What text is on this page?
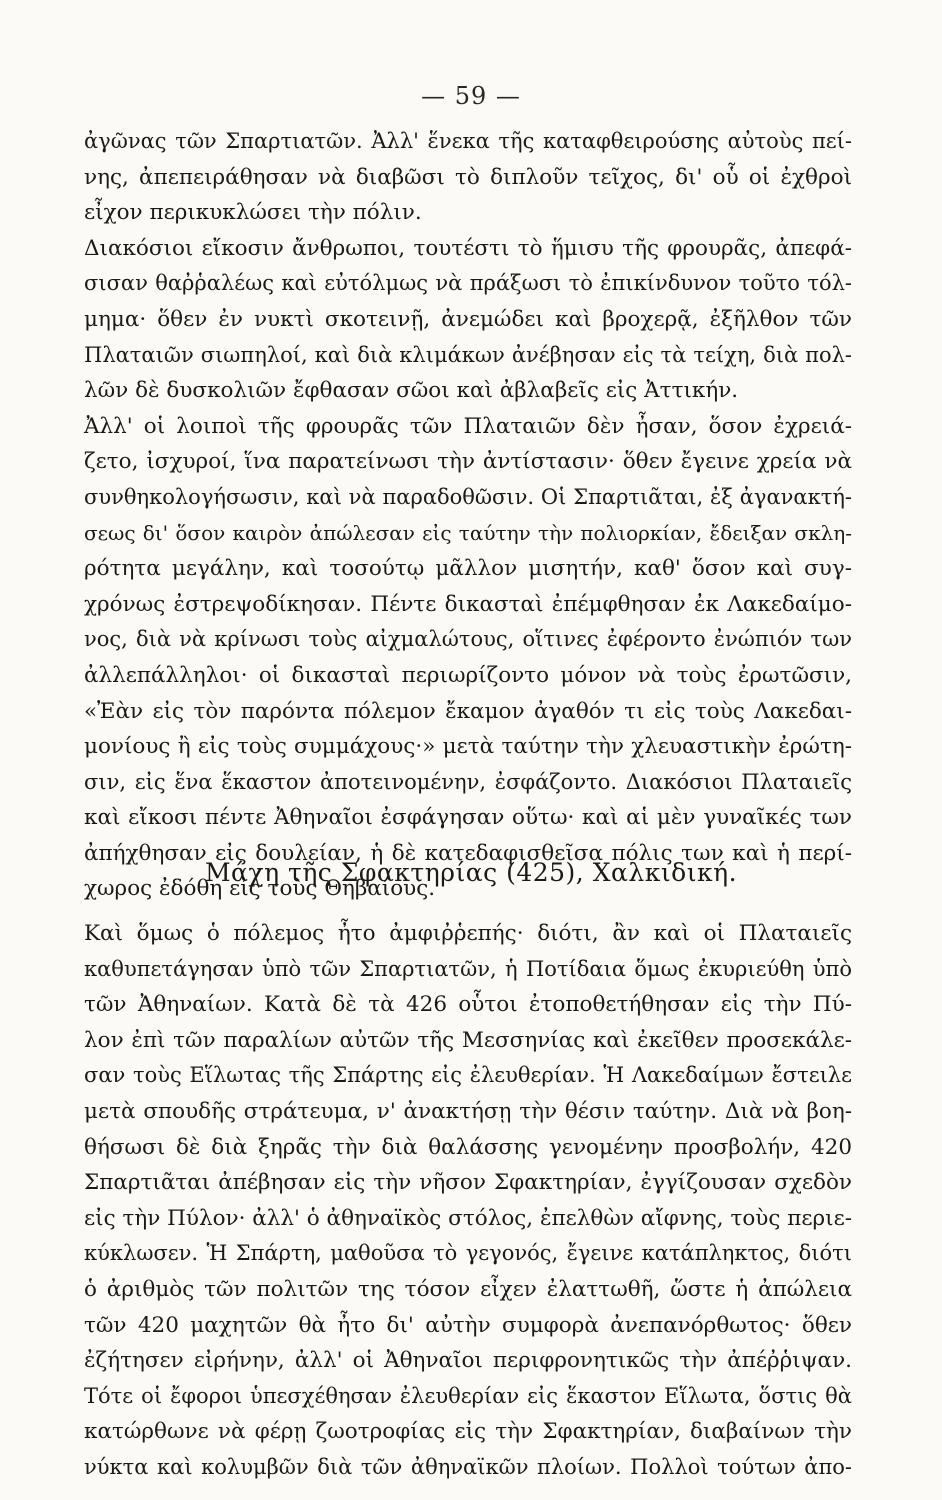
— 59 —
ἀγῶνας τῶν Σπαρτιατῶν. Ἀλλ' ἕνεκα τῆς καταφθειρούσης αὐτοὺς πεί-
νης, ἀπεπειράθησαν νὰ διαβῶσι τὸ διπλοῦν τεῖχος, δι' οὗ οἱ ἐχθροὶ
εἶχον περικυκλώσει τὴν πόλιν.
Διακόσιοι εἴκοσιν ἄνθρωποι, τουτέστι τὸ ἥμισυ τῆς φρουρᾶς, ἀπεφά-
σισαν θαῤῥαλέως καὶ εὐτόλμως νὰ πράξωσι τὸ ἐπικίνδυνον τοῦτο τόλ-
μημα· ὅθεν ἐν νυκτὶ σκοτεινῇ, ἀνεμώδει καὶ βροχερᾷ, ἐξῆλθον τῶν
Πλαταιῶν σιωπηλοί, καὶ διὰ κλιμάκων ἀνέβησαν εἰς τὰ τείχη, διὰ πολ-
λῶν δὲ δυσκολιῶν ἔφθασαν σῶοι καὶ ἀβλαβεῖς εἰς Ἀττικήν.
Ἀλλ' οἱ λοιποὶ τῆς φρουρᾶς τῶν Πλαταιῶν δὲν ἦσαν, ὅσον ἐχρειά-
ζετο, ἰσχυροί, ἵνα παρατείνωσι τὴν ἀντίστασιν· ὅθεν ἔγεινε χρεία νὰ
συνθηκολογήσωσιν, καὶ νὰ παραδοθῶσιν. Οἱ Σπαρτιᾶται, ἐξ ἀγανακτή-
σεως δι' ὅσον καιρὸν ἀπώλεσαν εἰς ταύτην τὴν πολιορκίαν, ἔδειξαν σκλη-
ρότητα μεγάλην, καὶ τοσούτῳ μᾶλλον μισητήν, καθ' ὅσον καὶ συγ-
χρόνως ἐστρεψοδίκησαν. Πέντε δικασταὶ ἐπέμφθησαν ἐκ Λακεδαίμο-
νος, διὰ νὰ κρίνωσι τοὺς αἰχμαλώτους, οἵτινες ἐφέροντο ἐνώπιόν των
ἀλλεπάλληλοι· οἱ δικασταὶ περιωρίζοντο μόνον νὰ τοὺς ἐρωτῶσιν,
«Ἐὰν εἰς τὸν παρόντα πόλεμον ἔκαμον ἀγαθόν τι εἰς τοὺς Λακεδαι-
μονίους ἢ εἰς τοὺς συμμάχους·» μετὰ ταύτην τὴν χλευαστικὴν ἐρώτη-
σιν, εἰς ἕνα ἕκαστον ἀποτεινομένην, ἐσφάζοντο. Διακόσιοι Πλαταιεῖς
καὶ εἴκοσι πέντε Ἀθηναῖοι ἐσφάγησαν οὕτω· καὶ αἱ μὲν γυναῖκές των
ἀπήχθησαν εἰς δουλείαν, ἡ δὲ κατεδαφισθεῖσα πόλις των καὶ ἡ περί-
χωρος ἐδόθη εἰς τοὺς Θηβαίους.
Μάχη τῆς Σφακτηρίας (425), Χαλκιδική.
Καὶ ὅμως ὁ πόλεμος ἦτο ἀμφιῤῥεπής· διότι, ἂν καὶ οἱ Πλαταιεῖς
καθυπετάγησαν ὑπὸ τῶν Σπαρτιατῶν, ἡ Ποτίδαια ὅμως ἐκυριεύθη ὑπὸ
τῶν Ἀθηναίων. Κατὰ δὲ τὰ 426 οὗτοι ἐτοποθετήθησαν εἰς τὴν Πύ-
λον ἐπὶ τῶν παραλίων αὐτῶν τῆς Μεσσηνίας καὶ ἐκεῖθεν προσεκάλε-
σαν τοὺς Εἵλωτας τῆς Σπάρτης εἰς ἐλευθερίαν. Ἡ Λακεδαίμων ἔστειλε
μετὰ σπουδῆς στράτευμα, ν' ἀνακτήσῃ τὴν θέσιν ταύτην. Διὰ νὰ βοη-
θήσωσι δὲ διὰ ξηρᾶς τὴν διὰ θαλάσσης γενομένην προσβολήν, 420
Σπαρτιᾶται ἀπέβησαν εἰς τὴν νῆσον Σφακτηρίαν, ἐγγίζουσαν σχεδὸν
εἰς τὴν Πύλον· ἀλλ' ὁ ἀθηναϊκὸς στόλος, ἐπελθὼν αἴφνης, τοὺς περιε-
κύκλωσεν. Ἡ Σπάρτη, μαθοῦσα τὸ γεγονός, ἔγεινε κατάπληκτος, διότι
ὁ ἀριθμὸς τῶν πολιτῶν της τόσον εἶχεν ἐλαττωθῆ, ὥστε ἡ ἀπώλεια
τῶν 420 μαχητῶν θὰ ἦτο δι' αὐτὴν συμφορὰ ἀνεπανόρθωτος· ὅθεν
ἐζήτησεν εἰρήνην, ἀλλ' οἱ Ἀθηναῖοι περιφρονητικῶς τὴν ἀπέῤῥιψαν.
Τότε οἱ ἔφοροι ὑπεσχέθησαν ἐλευθερίαν εἰς ἕκαστον Εἵλωτα, ὅστις θὰ
κατώρθωνε νὰ φέρῃ ζωοτροφίας εἰς τὴν Σφακτηρίαν, διαβαίνων τὴν
νύκτα καὶ κολυμβῶν διὰ τῶν ἀθηναϊκῶν πλοίων. Πολλοὶ τούτων ἀπο-
